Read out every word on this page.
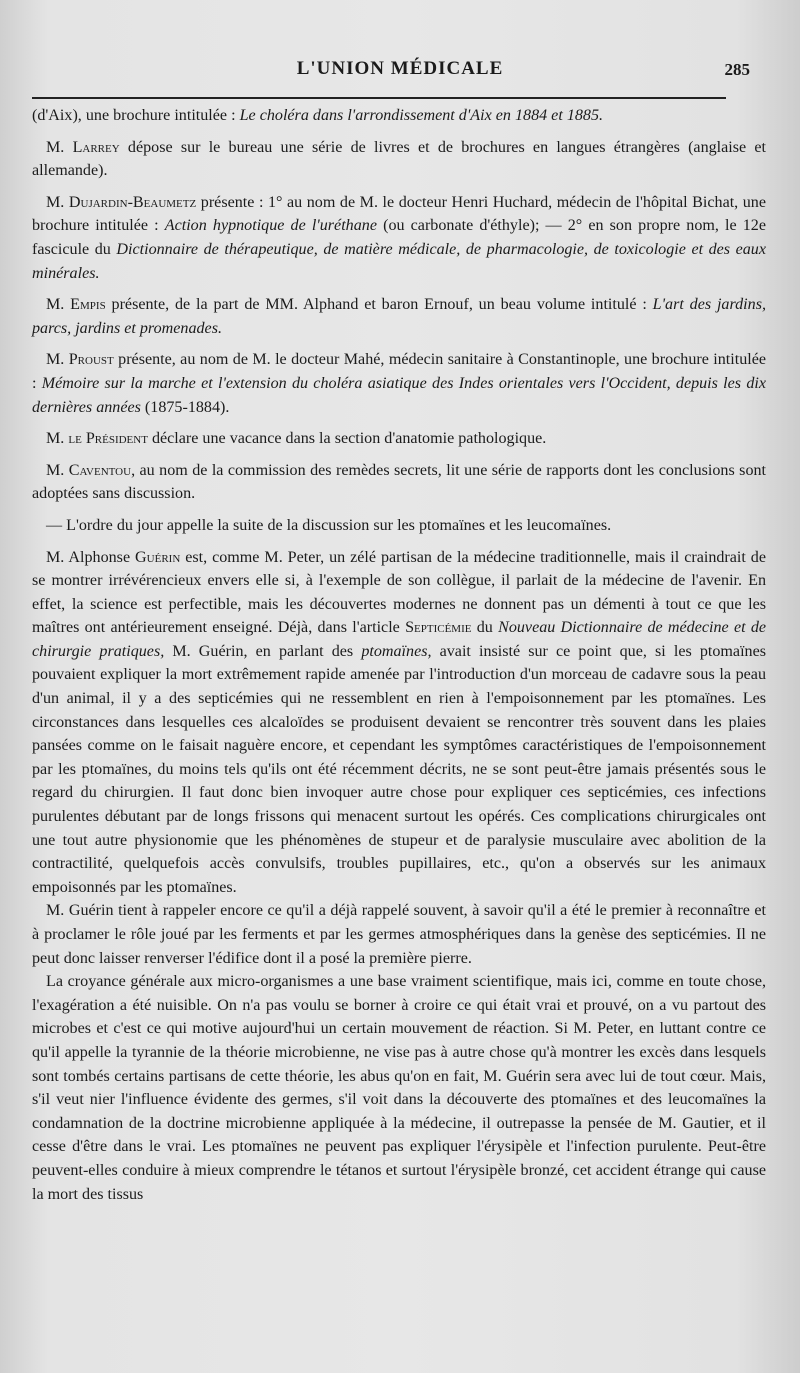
L'UNION MÉDICALE	285

(d'Aix), une brochure intitulée : Le choléra dans l'arrondissement d'Aix en 1884 et 1885.

M. Larrey dépose sur le bureau une série de livres et de brochures en langues étrangères (anglaise et allemande).

M. Dujardin-Beaumetz présente : 1° au nom de M. le docteur Henri Huchard, médecin de l'hôpital Bichat, une brochure intitulée : Action hypnotique de l'uréthane (ou carbonate d'éthyle); — 2° en son propre nom, le 12e fascicule du Dictionnaire de thérapeutique, de matière médicale, de pharmacologie, de toxicologie et des eaux minérales.

M. Empis présente, de la part de MM. Alphand et baron Ernouf, un beau volume intitulé : L'art des jardins, parcs, jardins et promenades.

M. Proust présente, au nom de M. le docteur Mahé, médecin sanitaire à Constantinople, une brochure intitulée : Mémoire sur la marche et l'extension du choléra asiatique des Indes orientales vers l'Occident, depuis les dix dernières années (1875-1884).

M. le Président déclare une vacance dans la section d'anatomie pathologique.

M. Caventou, au nom de la commission des remèdes secrets, lit une série de rapports dont les conclusions sont adoptées sans discussion.

— L'ordre du jour appelle la suite de la discussion sur les ptomaïnes et les leucomaïnes.

M. Alphonse Guérin est, comme M. Peter, un zélé partisan de la médecine traditionnelle, mais il craindrait de se montrer irrévérencieux envers elle si, à l'exemple de son collègue, il parlait de la médecine de l'avenir. En effet, la science est perfectible, mais les découvertes modernes ne donnent pas un démenti à tout ce que les maîtres ont antérieurement enseigné. Déjà, dans l'article Septicémie du Nouveau Dictionnaire de médecine et de chirurgie pratiques, M. Guérin, en parlant des ptomaïnes, avait insisté sur ce point que, si les ptomaïnes pouvaient expliquer la mort extrêmement rapide amenée par l'introduction d'un morceau de cadavre sous la peau d'un animal, il y a des septicémies qui ne ressemblent en rien à l'empoisonnement par les ptomaïnes. Les circonstances dans lesquelles ces alcaloïdes se produisent devaient se rencontrer très souvent dans les plaies pansées comme on le faisait naguère encore, et cependant les symptômes caractéristiques de l'empoisonnement par les ptomaïnes, du moins tels qu'ils ont été récemment décrits, ne se sont peut-être jamais présentés sous le regard du chirurgien. Il faut donc bien invoquer autre chose pour expliquer ces septicémies, ces infections purulentes débutant par de longs frissons qui menacent surtout les opérés. Ces complications chirurgicales ont une tout autre physionomie que les phénomènes de stupeur et de paralysie musculaire avec abolition de la contractilité, quelquefois accès convulsifs, troubles pupillaires, etc., qu'on a observés sur les animaux empoisonnés par les ptomaïnes.

M. Guérin tient à rappeler encore ce qu'il a déjà rappelé souvent, à savoir qu'il a été le premier à reconnaître et à proclamer le rôle joué par les ferments et par les germes atmosphériques dans la genèse des septicémies. Il ne peut donc laisser renverser l'édifice dont il a posé la première pierre.

La croyance générale aux micro-organismes a une base vraiment scientifique, mais ici, comme en toute chose, l'exagération a été nuisible. On n'a pas voulu se borner à croire ce qui était vrai et prouvé, on a vu partout des microbes et c'est ce qui motive aujourd'hui un certain mouvement de réaction. Si M. Peter, en luttant contre ce qu'il appelle la tyrannie de la théorie microbienne, ne vise pas à autre chose qu'à montrer les excès dans lesquels sont tombés certains partisans de cette théorie, les abus qu'on en fait, M. Guérin sera avec lui de tout cœur. Mais, s'il veut nier l'influence évidente des germes, s'il voit dans la découverte des ptomaïnes et des leucomaïnes la condamnation de la doctrine microbienne appliquée à la médecine, il outrepasse la pensée de M. Gautier, et il cesse d'être dans le vrai. Les ptomaïnes ne peuvent pas expliquer l'érysipèle et l'infection purulente. Peut-être peuvent-elles conduire à mieux comprendre le tétanos et surtout l'érysipèle bronzé, cet accident étrange qui cause la mort des tissus
